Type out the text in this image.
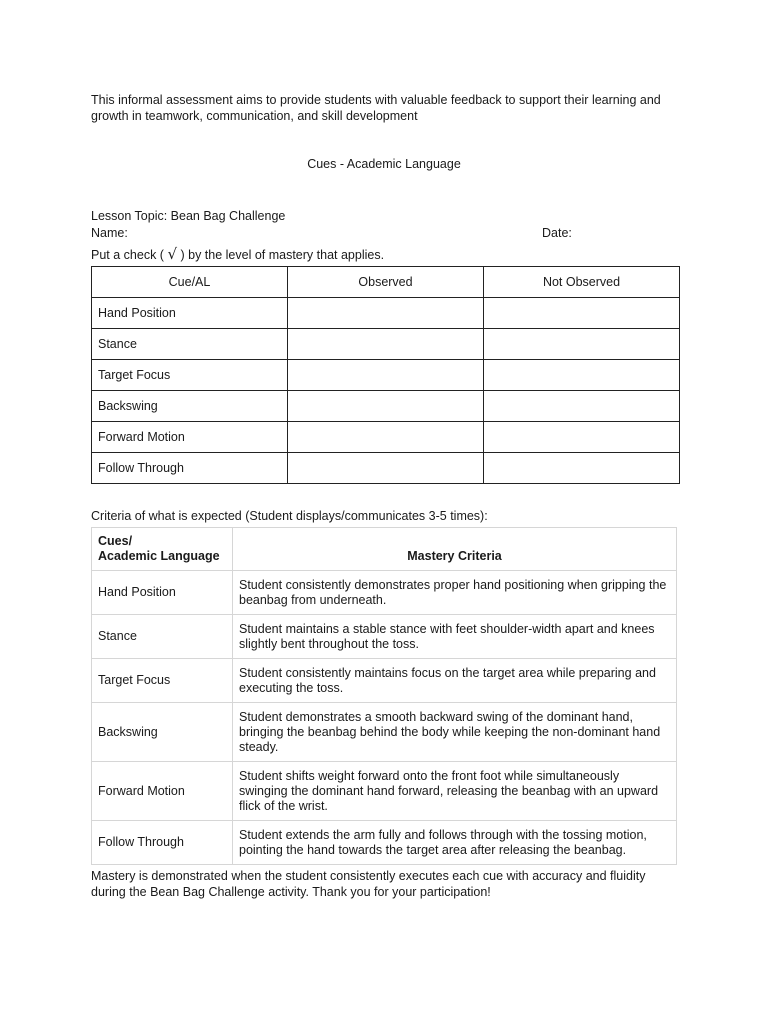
This informal assessment aims to provide students with valuable feedback to support their learning and growth in teamwork, communication, and skill development
Cues - Academic Language
Lesson Topic: Bean Bag Challenge
Name:	Date:
Put a check ( √ ) by the level of mastery that applies.
Cue/AL	Observed	Not Observed
Hand Position		
Stance		
Target Focus		
Backswing		
Forward Motion		
Follow Through		
Criteria of what is expected (Student displays/communicates 3-5 times):
Cues/
Academic Language	Mastery Criteria
Hand Position	Student consistently demonstrates proper hand positioning when gripping the beanbag from underneath.
Stance	Student maintains a stable stance with feet shoulder-width apart and knees slightly bent throughout the toss.
Target Focus	Student consistently maintains focus on the target area while preparing and executing the toss.
Backswing	Student demonstrates a smooth backward swing of the dominant hand, bringing the beanbag behind the body while keeping the non-dominant hand steady.
Forward Motion	Student shifts weight forward onto the front foot while simultaneously swinging the dominant hand forward, releasing the beanbag with an upward flick of the wrist.
Follow Through	Student extends the arm fully and follows through with the tossing motion, pointing the hand towards the target area after releasing the beanbag.
Mastery is demonstrated when the student consistently executes each cue with accuracy and fluidity during the Bean Bag Challenge activity. Thank you for your participation!
